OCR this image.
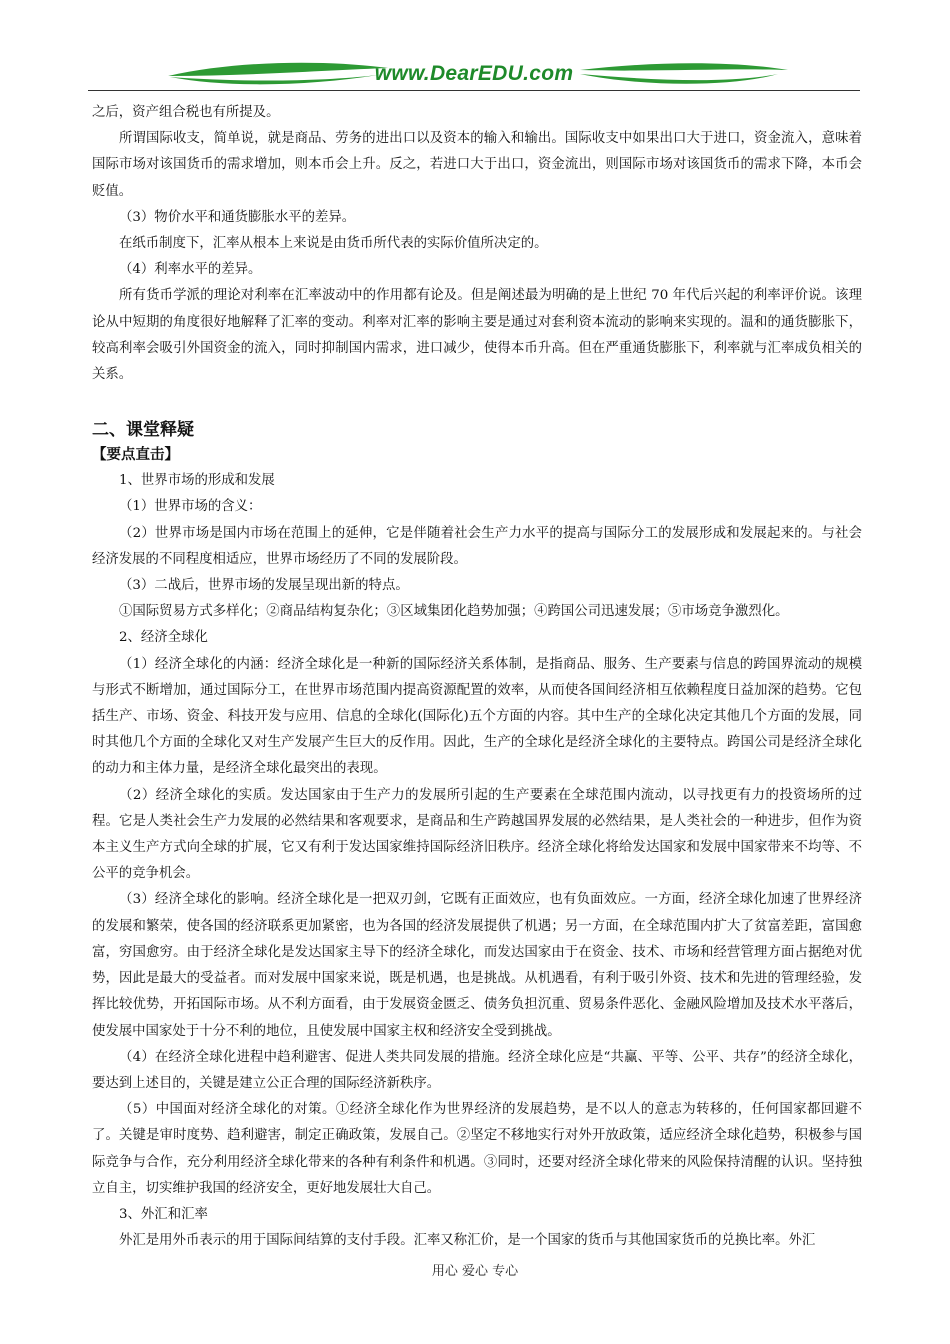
www.DearEDU.com

之后，资产组合税也有所提及。

所谓国际收支，简单说，就是商品、劳务的进出口以及资本的输入和输出。国际收支中如果出口大于进口，资金流入，意味着国际市场对该国货币的需求增加，则本币会上升。反之，若进口大于出口，资金流出，则国际市场对该国货币的需求下降，本币会贬值。

（3）物价水平和通货膨胀水平的差异。

在纸币制度下，汇率从根本上来说是由货币所代表的实际价值所决定的。

（4）利率水平的差异。

所有货币学派的理论对利率在汇率波动中的作用都有论及。但是阐述最为明确的是上世纪 70 年代后兴起的利率评价说。该理论从中短期的角度很好地解释了汇率的变动。利率对汇率的影响主要是通过对套利资本流动的影响来实现的。温和的通货膨胀下，较高利率会吸引外国资金的流入，同时抑制国内需求，进口减少，使得本币升高。但在严重通货膨胀下，利率就与汇率成负相关的关系。

二、课堂释疑

【要点直击】

1、世界市场的形成和发展

（1）世界市场的含义：

（2）世界市场是国内市场在范围上的延伸，它是伴随着社会生产力水平的提高与国际分工的发展形成和发展起来的。与社会经济发展的不同程度相适应，世界市场经历了不同的发展阶段。

（3）二战后，世界市场的发展呈现出新的特点。

①国际贸易方式多样化；②商品结构复杂化；③区域集团化趋势加强；④跨国公司迅速发展；⑤市场竞争激烈化。

2、经济全球化

（1）经济全球化的内涵：经济全球化是一种新的国际经济关系体制，是指商品、服务、生产要素与信息的跨国界流动的规模与形式不断增加，通过国际分工，在世界市场范围内提高资源配置的效率，从而使各国间经济相互依赖程度日益加深的趋势。它包括生产、市场、资金、科技开发与应用、信息的全球化(国际化)五个方面的内容。其中生产的全球化决定其他几个方面的发展，同时其他几个方面的全球化又对生产发展产生巨大的反作用。因此，生产的全球化是经济全球化的主要特点。跨国公司是经济全球化的动力和主体力量，是经济全球化最突出的表现。

（2）经济全球化的实质。发达国家由于生产力的发展所引起的生产要素在全球范围内流动，以寻找更有力的投资场所的过程。它是人类社会生产力发展的必然结果和客观要求，是商品和生产跨越国界发展的必然结果，是人类社会的一种进步，但作为资本主义生产方式向全球的扩展，它又有利于发达国家维持国际经济旧秩序。经济全球化将给发达国家和发展中国家带来不均等、不公平的竞争机会。

（3）经济全球化的影响。经济全球化是一把双刃剑，它既有正面效应，也有负面效应。一方面，经济全球化加速了世界经济的发展和繁荣，使各国的经济联系更加紧密，也为各国的经济发展提供了机遇；另一方面，在全球范围内扩大了贫富差距，富国愈富，穷国愈穷。由于经济全球化是发达国家主导下的经济全球化，而发达国家由于在资金、技术、市场和经营管理方面占据绝对优势，因此是最大的受益者。而对发展中国家来说，既是机遇，也是挑战。从机遇看，有利于吸引外资、技术和先进的管理经验，发挥比较优势，开拓国际市场。从不利方面看，由于发展资金匮乏、债务负担沉重、贸易条件恶化、金融风险增加及技术水平落后，使发展中国家处于十分不利的地位，且使发展中国家主权和经济安全受到挑战。

（4）在经济全球化进程中趋利避害、促进人类共同发展的措施。经济全球化应是“共赢、平等、公平、共存”的经济全球化，要达到上述目的，关键是建立公正合理的国际经济新秩序。

（5）中国面对经济全球化的对策。①经济全球化作为世界经济的发展趋势，是不以人的意志为转移的，任何国家都回避不了。关键是审时度势、趋利避害，制定正确政策，发展自己。②坚定不移地实行对外开放政策，适应经济全球化趋势，积极参与国际竞争与合作，充分利用经济全球化带来的各种有利条件和机遇。③同时，还要对经济全球化带来的风险保持清醒的认识。坚持独立自主，切实维护我国的经济安全，更好地发展壮大自己。

3、外汇和汇率

外汇是用外币表示的用于国际间结算的支付手段。汇率又称汇价，是一个国家的货币与其他国家货币的兑换比率。外汇

用心 爱心 专心
